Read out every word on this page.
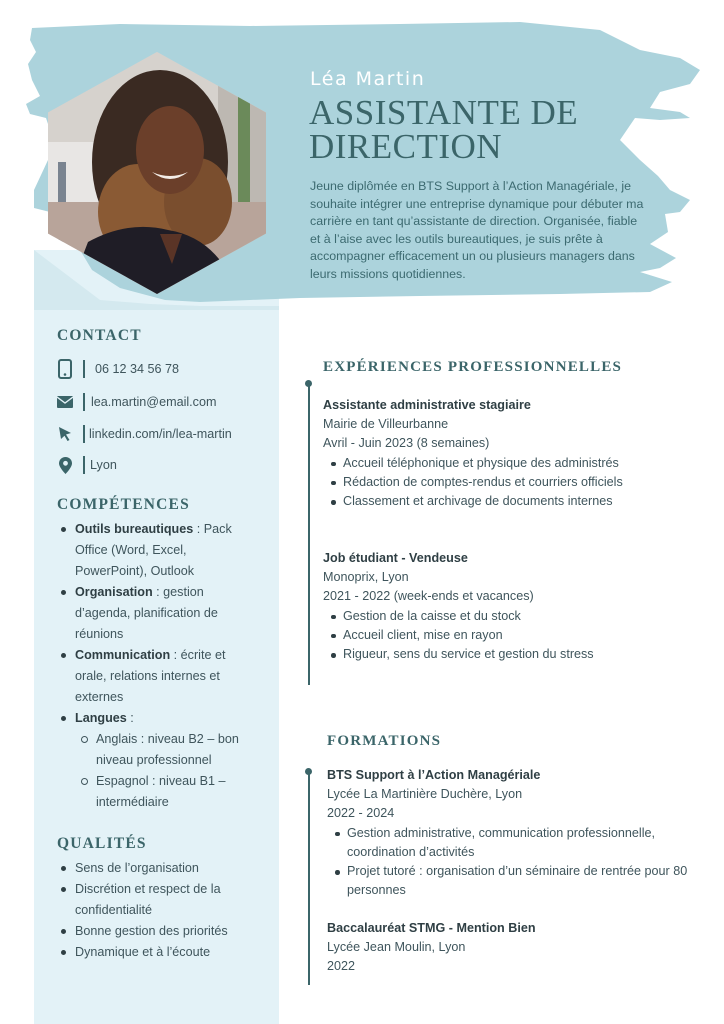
Léa Martin
ASSISTANTE DE DIRECTION
Jeune diplômée en BTS Support à l’Action Managériale, je souhaite intégrer une entreprise dynamique pour débuter ma carrière en tant qu’assistante de direction. Organisée, fiable et à l’aise avec les outils bureautiques, je suis prête à accompagner efficacement un ou plusieurs managers dans leurs missions quotidiennes.
CONTACT
06 12 34 56 78
lea.martin@email.com
linkedin.com/in/lea-martin
Lyon
COMPÉTENCES
Outils bureautiques : Pack Office (Word, Excel, PowerPoint), Outlook
Organisation : gestion d’agenda, planification de réunions
Communication : écrite et orale, relations internes et externes
Langues :
Anglais : niveau B2 – bon niveau professionnel
Espagnol : niveau B1 – intermédiaire
QUALITÉS
Sens de l’organisation
Discrétion et respect de la confidentialité
Bonne gestion des priorités
Dynamique et à l’écoute
EXPÉRIENCES PROFESSIONNELLES
Assistante administrative stagiaire
Mairie de Villeurbanne
Avril - Juin 2023 (8 semaines)
Accueil téléphonique et physique des administrés
Rédaction de comptes-rendus et courriers officiels
Classement et archivage de documents internes
Job étudiant - Vendeuse
Monoprix, Lyon
2021 - 2022 (week-ends et vacances)
Gestion de la caisse et du stock
Accueil client, mise en rayon
Rigueur, sens du service et gestion du stress
FORMATIONS
BTS Support à l’Action Managériale
Lycée La Martinière Duchère, Lyon
2022 - 2024
Gestion administrative, communication professionnelle, coordination d’activités
Projet tutoré : organisation d’un séminaire de rentrée pour 80 personnes
Baccalauréat STMG - Mention Bien
Lycée Jean Moulin, Lyon
2022
